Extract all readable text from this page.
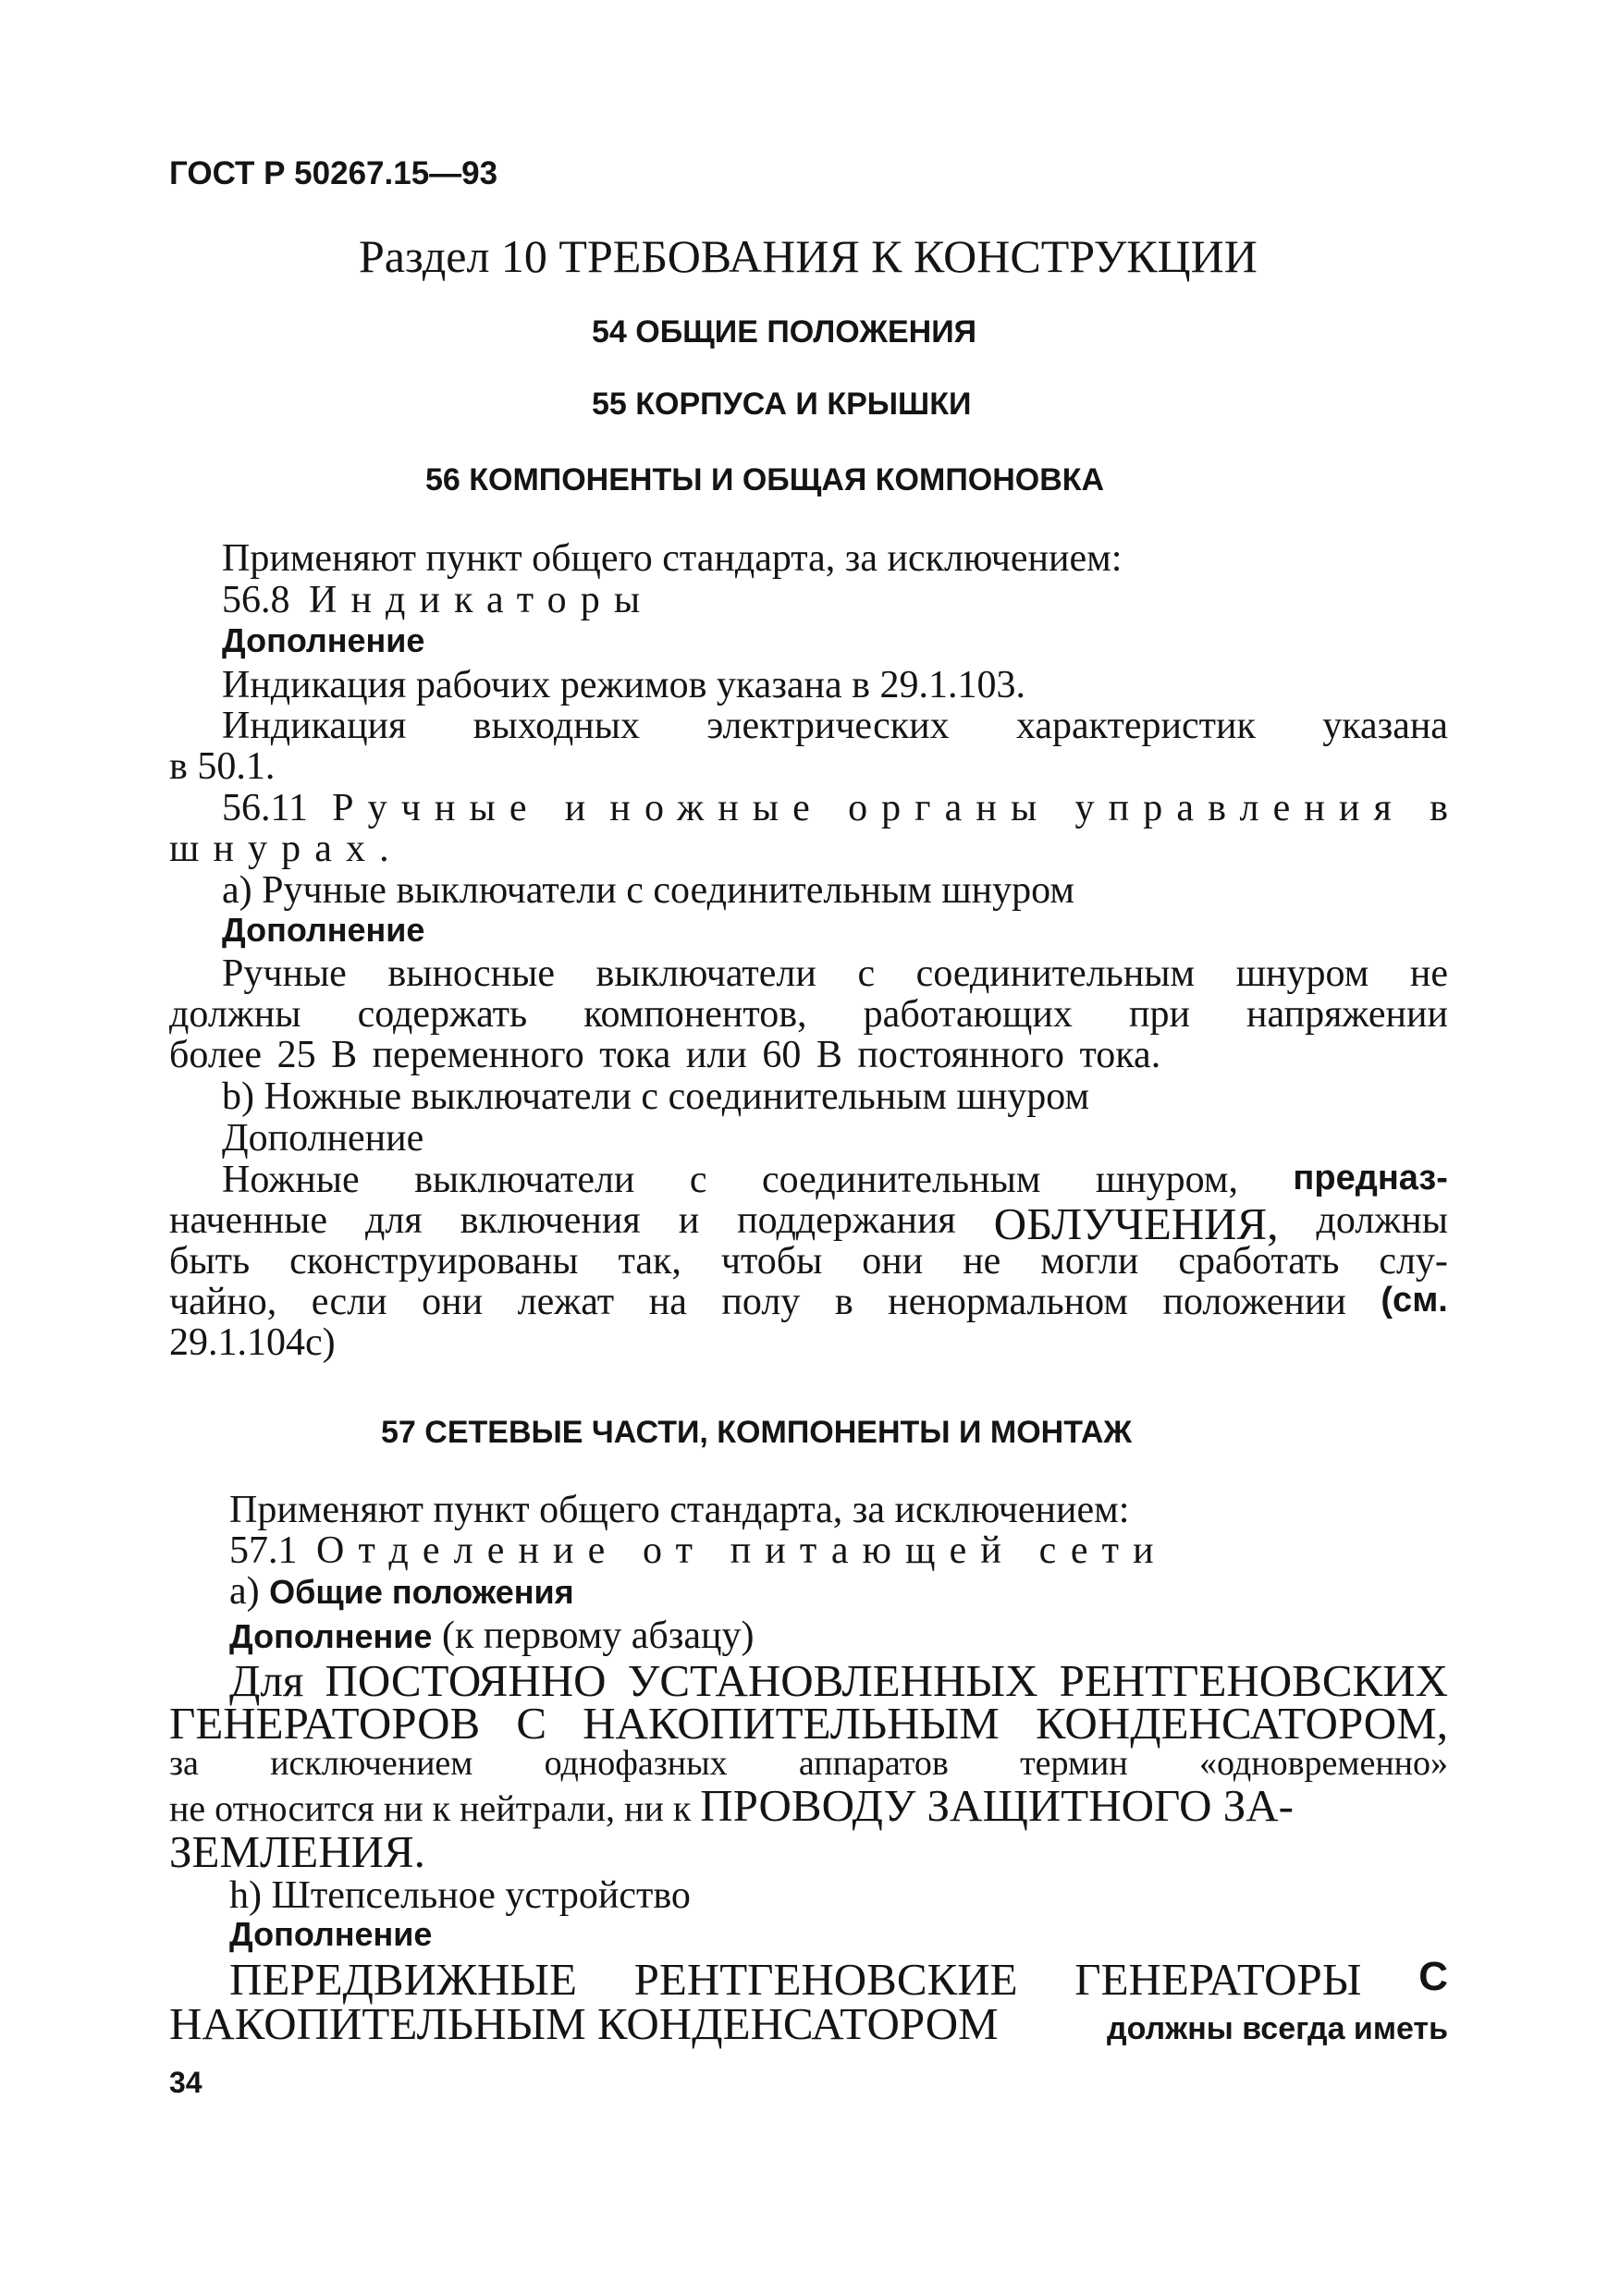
ГОСТ Р 50267.15—93
Раздел 10 ТРЕБОВАНИЯ К КОНСТРУКЦИИ
54 ОБЩИЕ ПОЛОЖЕНИЯ
55 КОРПУСА И КРЫШКИ
56 КОМПОНЕНТЫ И ОБЩАЯ КОМПОНОВКА
Применяют пункт общего стандарта, за исключением:
56.8 Индикаторы
Дополнение
Индикация рабочих режимов указана в 29.1.103.
Индикация выходных электрических характеристик указана
в 50.1.
56.11 Ручные и ножные органы управления в
шнурах.
a) Ручные выключатели с соединительным шнуром
Дополнение
Ручные выносные выключатели с соединительным шнуром не
должны содержать компонентов, работающих при напряжении
более 25 В переменного тока или 60 В постоянного тока.
b) Ножные выключатели с соединительным шнуром
Дополнение
Ножные выключатели с соединительным шнуром, предназ-
наченные для включения и поддержания ОБЛУЧЕНИЯ, должны
быть сконструированы так, чтобы они не могли сработать слу-
чайно, если они лежат на полу в ненормальном положении (см.
29.1.104c)
57 СЕТЕВЫЕ ЧАСТИ, КОМПОНЕНТЫ И МОНТАЖ
Применяют пункт общего стандарта, за исключением:
57.1 Отделение от питающей сети
a) Общие положения
Дополнение (к первому абзацу)
Для ПОСТОЯННО УСТАНОВЛЕННЫХ РЕНТГЕНОВСКИХ
ГЕНЕРАТОРОВ С НАКОПИТЕЛЬНЫМ КОНДЕНСАТОРОМ,
за исключением однофазных аппаратов термин «одновременно»
не относится ни к нейтрали, ни к ПРОВОДУ ЗАЩИТНОГО ЗА-
ЗЕМЛЕНИЯ.
h) Штепсельное устройство
Дополнение
ПЕРЕДВИЖНЫЕ РЕНТГЕНОВСКИЕ ГЕНЕРАТОРЫ С
НАКОПИТЕЛЬНЫМ КОНДЕНСАТОРОМ	должны всегда иметь
34
